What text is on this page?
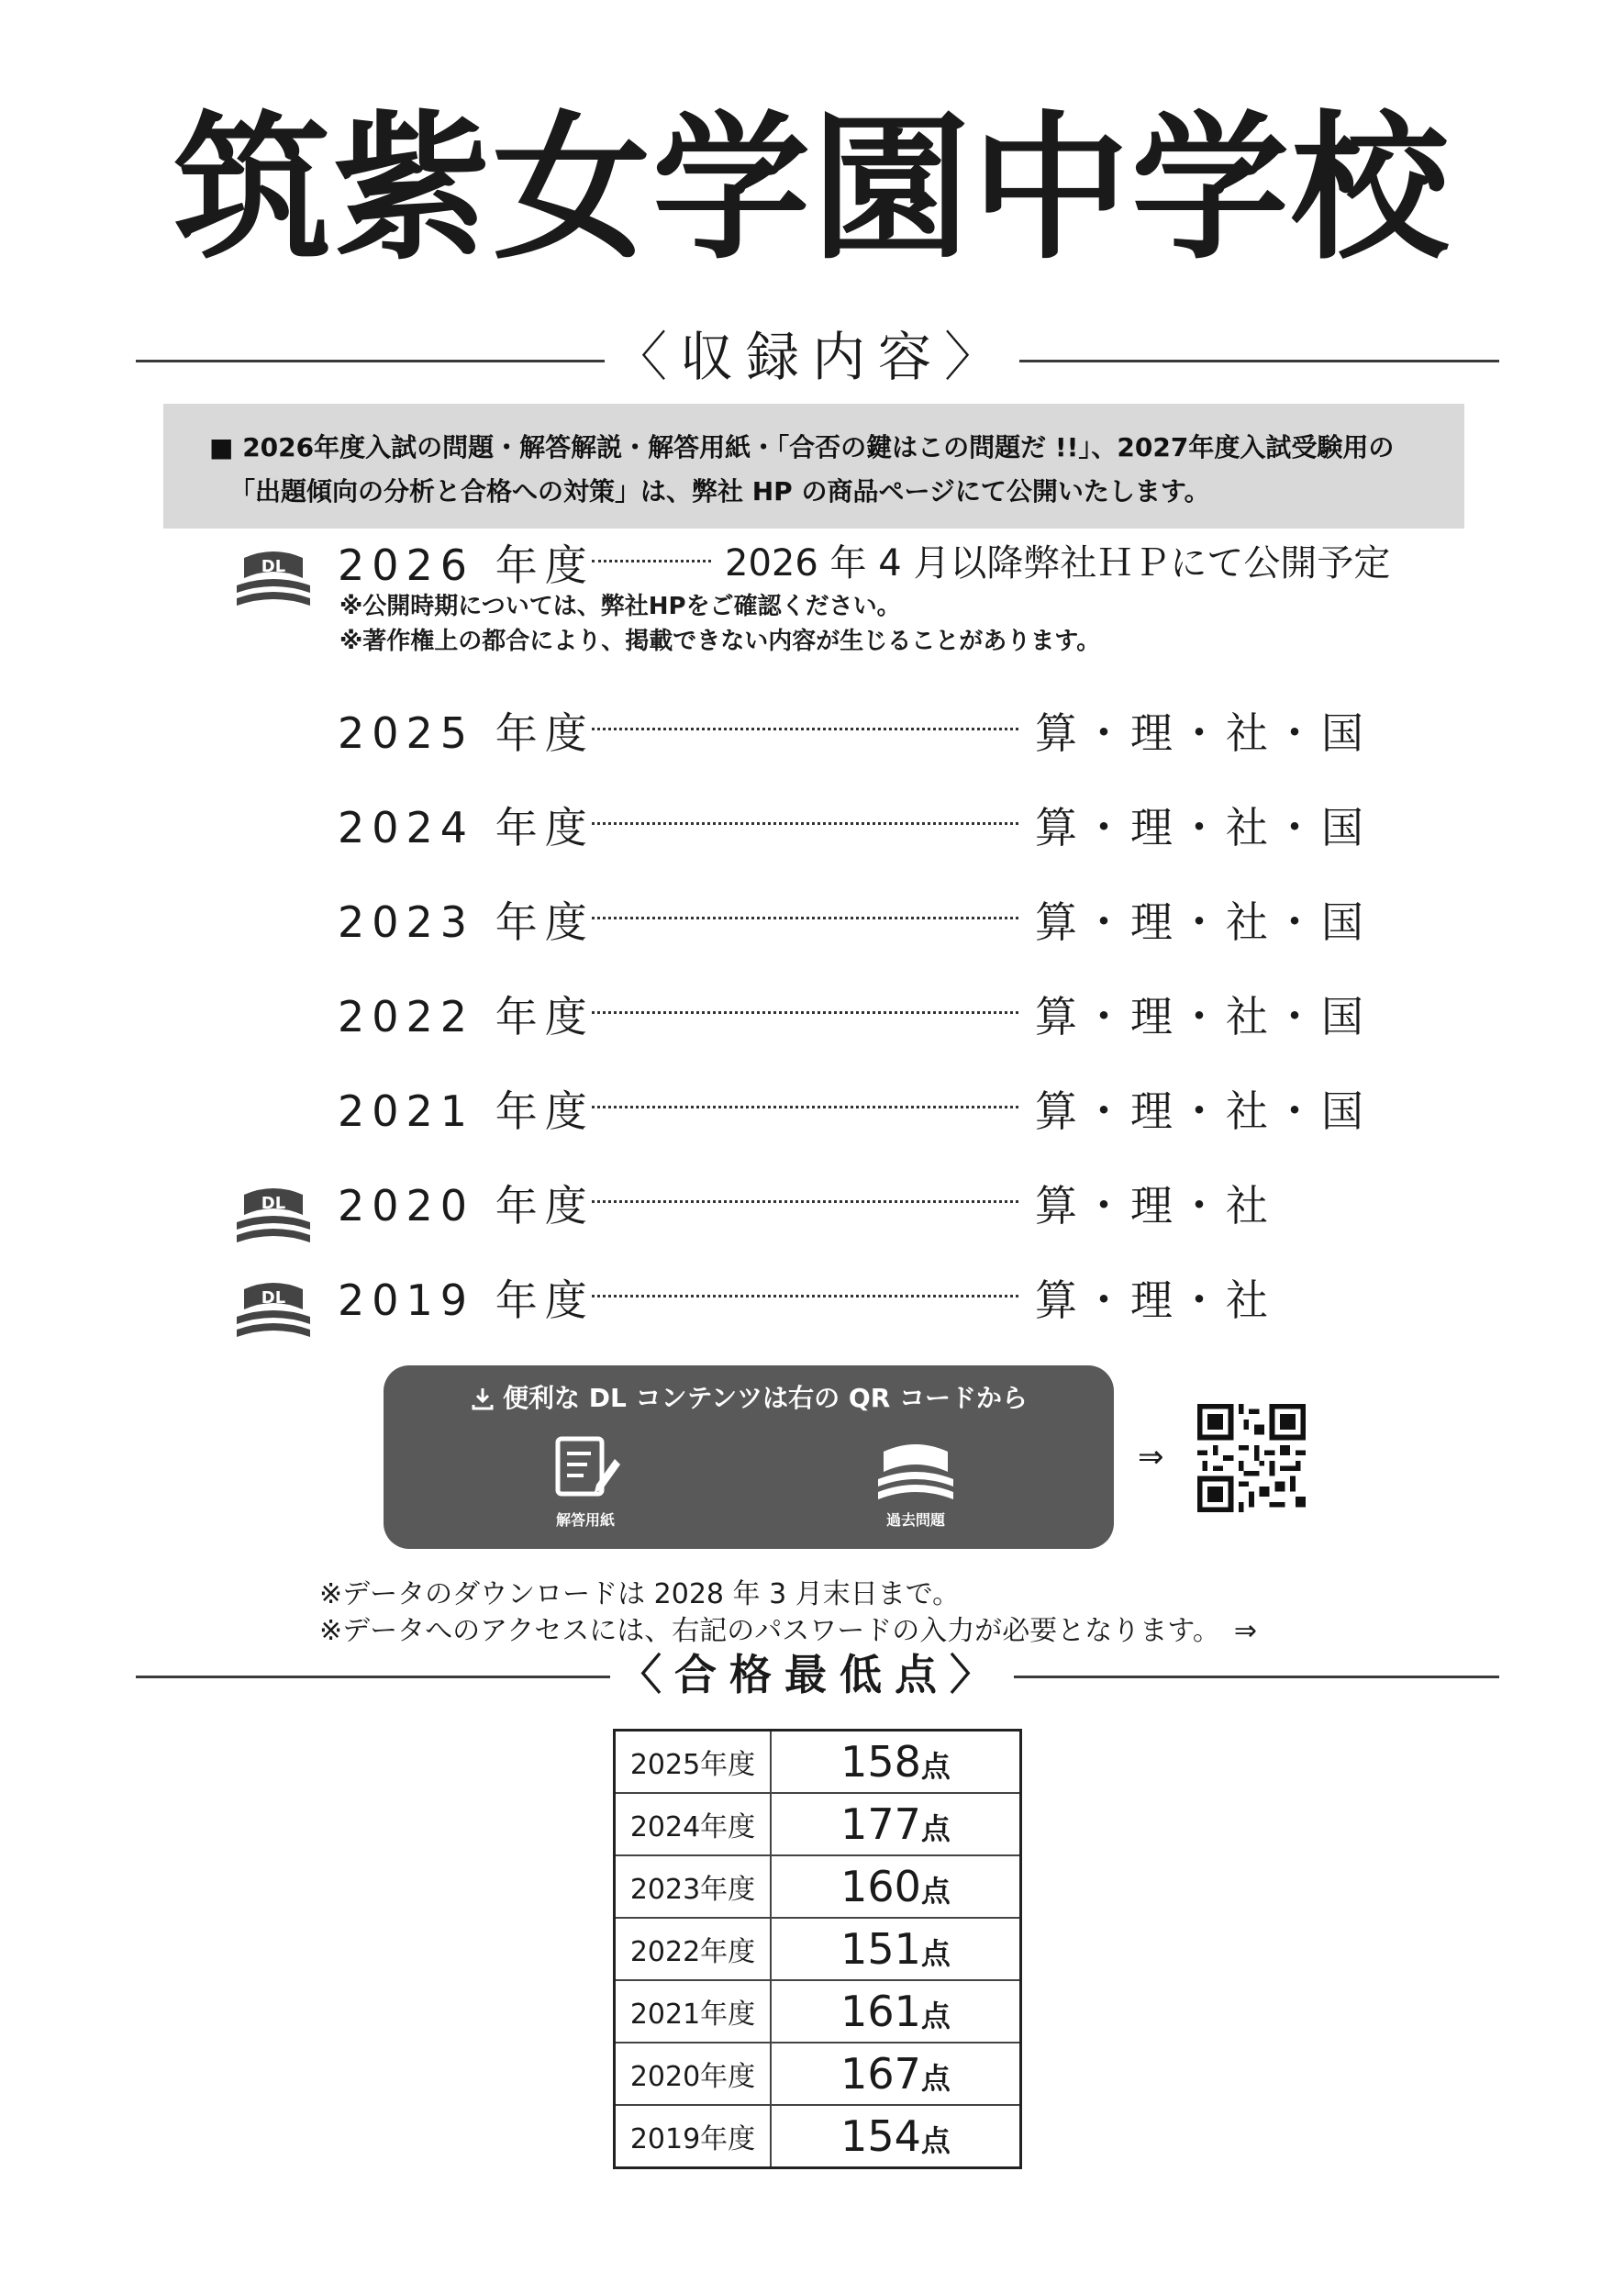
筑紫女学園中学校
〈収録内容〉
■ 2026年度入試の問題・解答解説・解答用紙・「合否の鍵はこの問題だ !!」、2027年度入試受験用の
「出題傾向の分析と合格への対策」は、弊社 HP の商品ページにて公開いたします。
DL 2026 年度	2026 年 4 月以降弊社ＨＰにて公開予定
※公開時期については、弊社HPをご確認ください。
※著作権上の都合により、掲載できない内容が生じることがあります。
2025 年度	算・理・社・国
2024 年度	算・理・社・国
2023 年度	算・理・社・国
2022 年度	算・理・社・国
2021 年度	算・理・社・国
DL 2020 年度	算・理・社
DL 2019 年度	算・理・社
便利な DL コンテンツは右の QR コードから
解答用紙	過去問題
⇒
※データのダウンロードは 2028 年 3 月末日まで。
※データへのアクセスには、右記のパスワードの入力が必要となります。　⇒
〈合格最低点〉
2025年度	158点
2024年度	177点
2023年度	160点
2022年度	151点
2021年度	161点
2020年度	167点
2019年度	154点
